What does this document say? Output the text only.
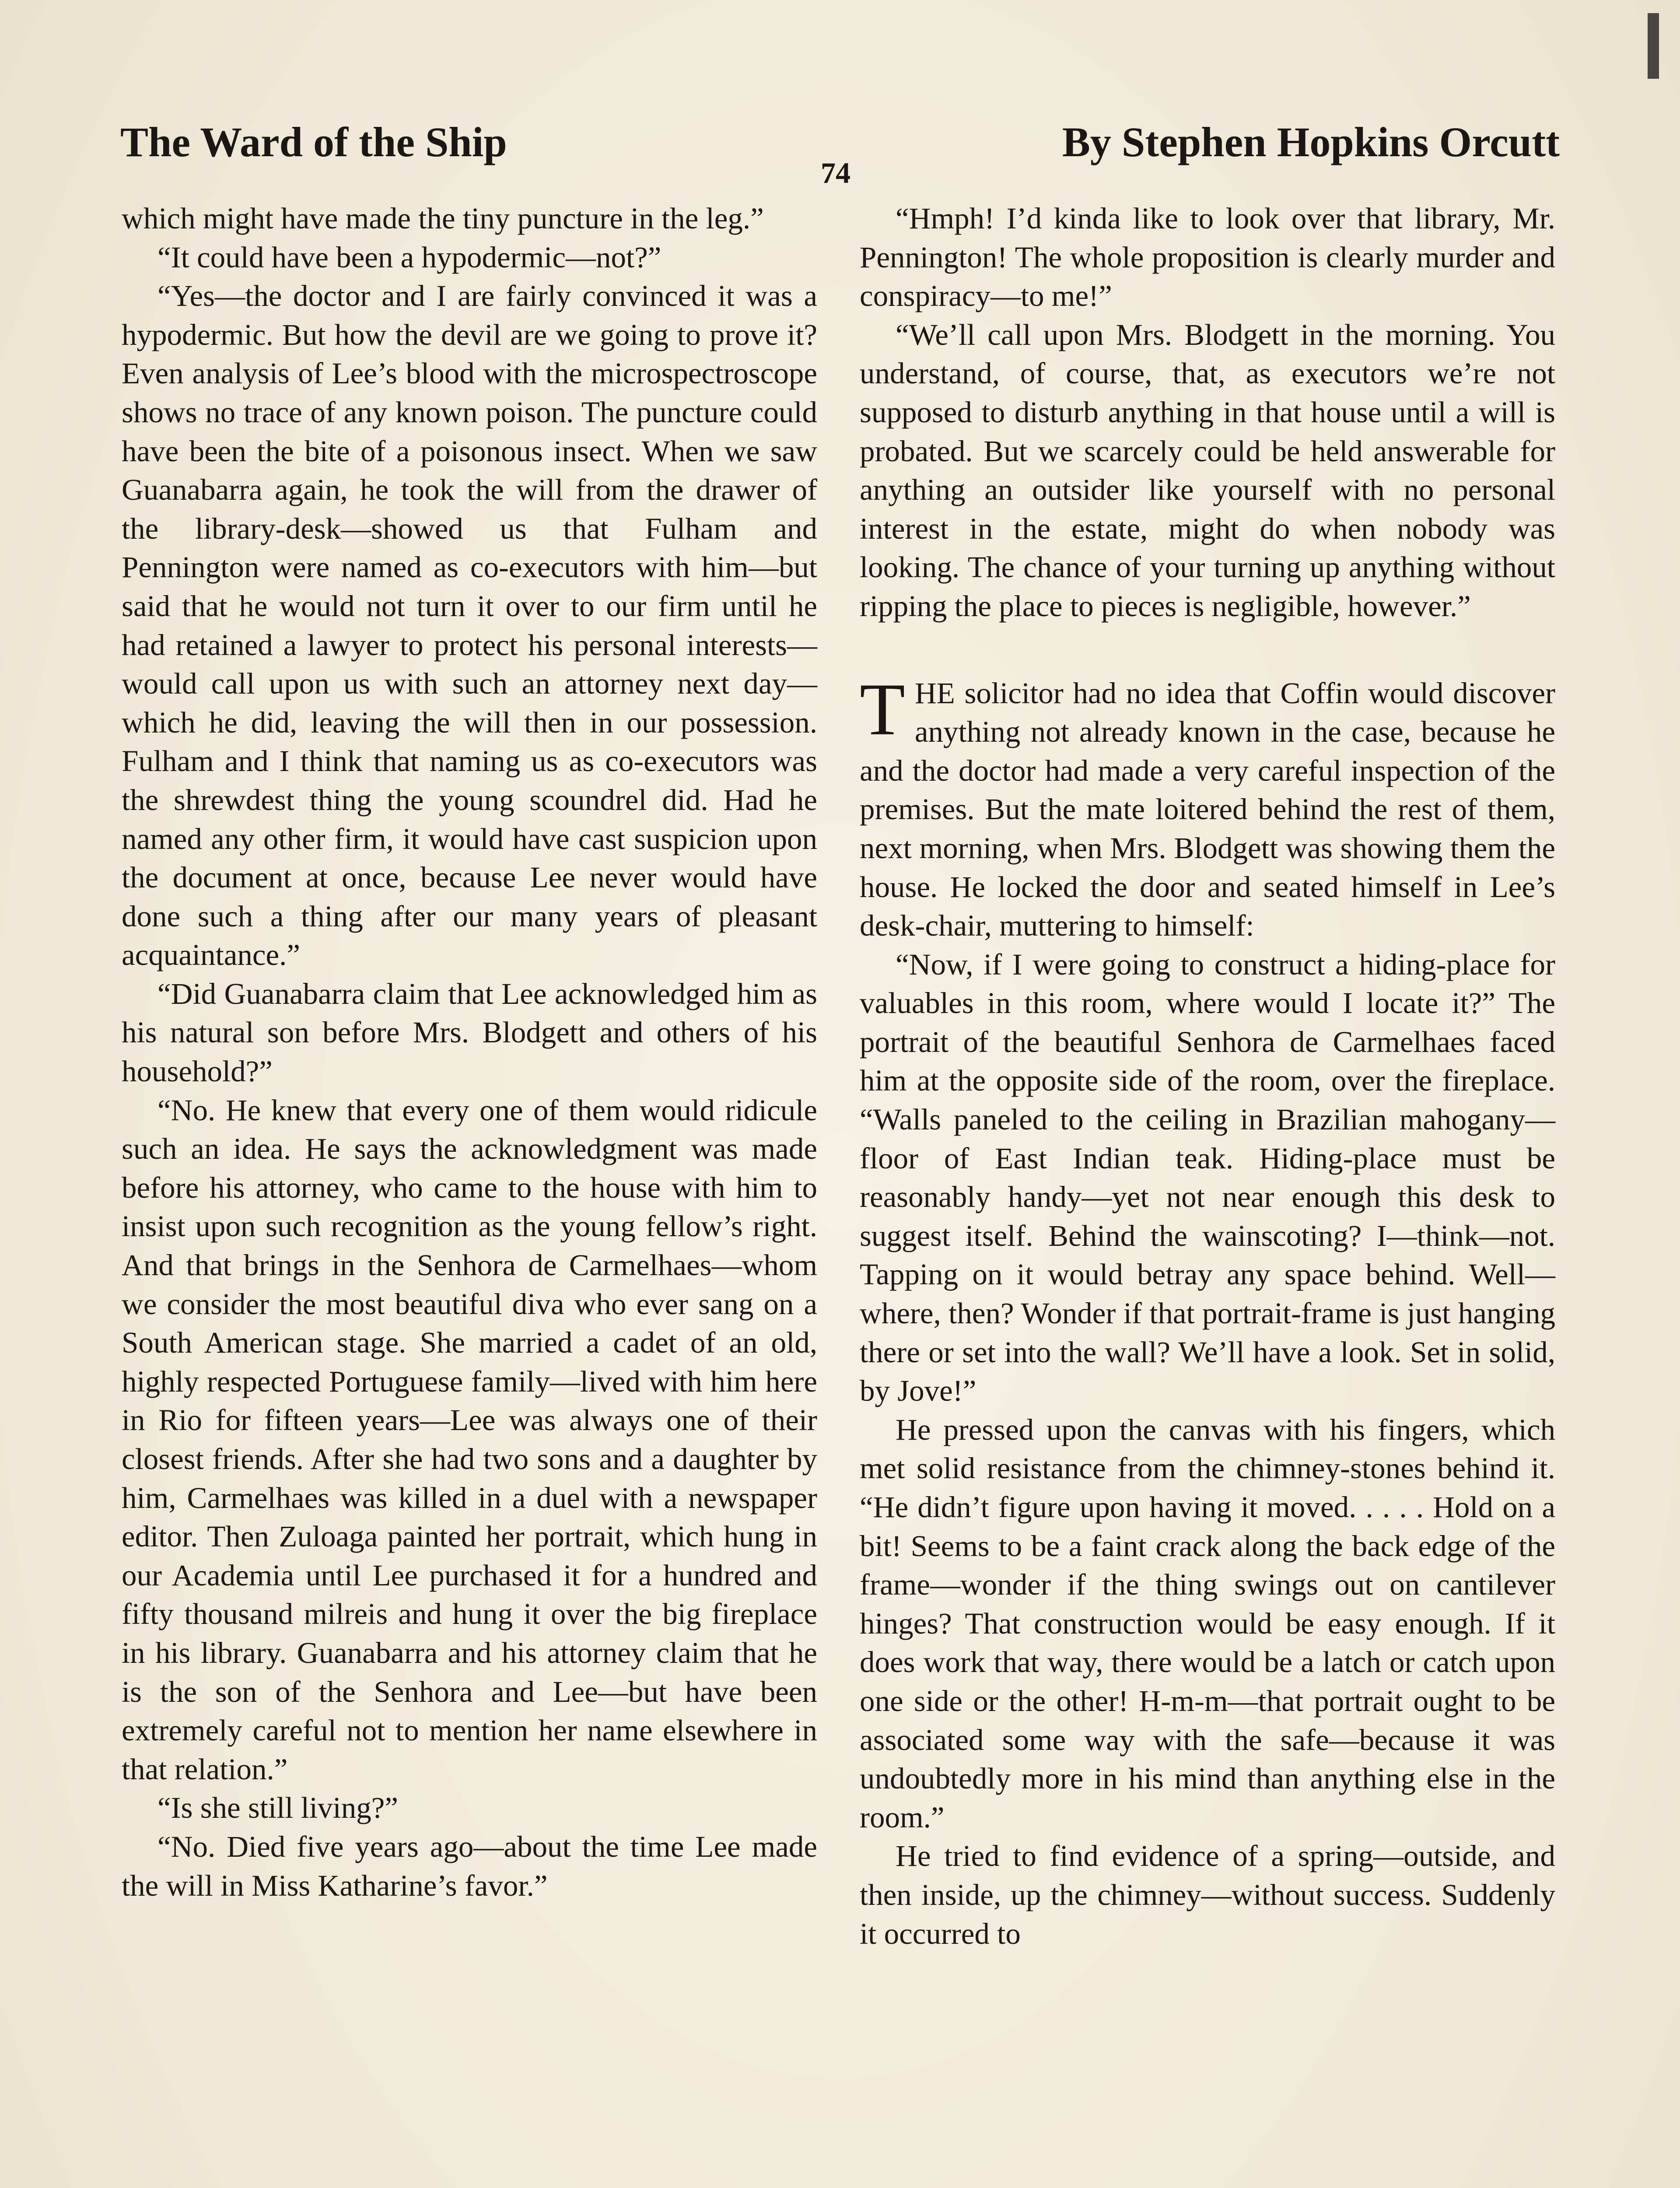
The Ward of the Ship	By Stephen Hopkins Orcutt
74

which might have made the tiny puncture in the leg.”

“It could have been a hypodermic—not?”

“Yes—the doctor and I are fairly convinced it was a hypodermic. But how the devil are we going to prove it? Even analysis of Lee’s blood with the microspectroscope shows no trace of any known poison. The puncture could have been the bite of a poisonous insect. When we saw Guanabarra again, he took the will from the drawer of the library-desk—showed us that Fulham and Pennington were named as co-executors with him—but said that he would not turn it over to our firm until he had retained a lawyer to protect his personal interests—would call upon us with such an attorney next day—which he did, leaving the will then in our possession. Fulham and I think that naming us as co-executors was the shrewdest thing the young scoundrel did. Had he named any other firm, it would have cast suspicion upon the document at once, because Lee never would have done such a thing after our many years of pleasant acquaintance.”

“Did Guanabarra claim that Lee acknowledged him as his natural son before Mrs. Blodgett and others of his household?”

“No. He knew that every one of them would ridicule such an idea. He says the acknowledgment was made before his attorney, who came to the house with him to insist upon such recognition as the young fellow’s right. And that brings in the Senhora de Carmelhaes—whom we consider the most beautiful diva who ever sang on a South American stage. She married a cadet of an old, highly respected Portuguese family—lived with him here in Rio for fifteen years—Lee was always one of their closest friends. After she had two sons and a daughter by him, Carmelhaes was killed in a duel with a newspaper editor. Then Zuloaga painted her portrait, which hung in our Academia until Lee purchased it for a hundred and fifty thousand milreis and hung it over the big fireplace in his library. Guanabarra and his attorney claim that he is the son of the Senhora and Lee—but have been extremely careful not to mention her name elsewhere in that relation.”

“Is she still living?”

“No. Died five years ago—about the time Lee made the will in Miss Katharine’s favor.”

“Hmph! I’d kinda like to look over that library, Mr. Pennington! The whole proposition is clearly murder and conspiracy—to me!”

“We’ll call upon Mrs. Blodgett in the morning. You understand, of course, that, as executors we’re not supposed to disturb anything in that house until a will is probated. But we scarcely could be held answerable for anything an outsider like yourself with no personal interest in the estate, might do when nobody was looking. The chance of your turning up anything without ripping the place to pieces is negligible, however.”

THE solicitor had no idea that Coffin would discover anything not already known in the case, because he and the doctor had made a very careful inspection of the premises. But the mate loitered behind the rest of them, next morning, when Mrs. Blodgett was showing them the house. He locked the door and seated himself in Lee’s desk-chair, muttering to himself:

“Now, if I were going to construct a hiding-place for valuables in this room, where would I locate it?” The portrait of the beautiful Senhora de Carmelhaes faced him at the opposite side of the room, over the fireplace. “Walls paneled to the ceiling in Brazilian mahogany—floor of East Indian teak. Hiding-place must be reasonably handy—yet not near enough this desk to suggest itself. Behind the wainscoting? I—think—not. Tapping on it would betray any space behind. Well—where, then? Wonder if that portrait-frame is just hanging there or set into the wall? We’ll have a look. Set in solid, by Jove!”

He pressed upon the canvas with his fingers, which met solid resistance from the chimney-stones behind it. “He didn’t figure upon having it moved. . . . . Hold on a bit! Seems to be a faint crack along the back edge of the frame—wonder if the thing swings out on cantilever hinges? That construction would be easy enough. If it does work that way, there would be a latch or catch upon one side or the other! H-m-m—that portrait ought to be associated some way with the safe—because it was undoubtedly more in his mind than anything else in the room.”

He tried to find evidence of a spring—outside, and then inside, up the chimney—without success. Suddenly it occurred to
